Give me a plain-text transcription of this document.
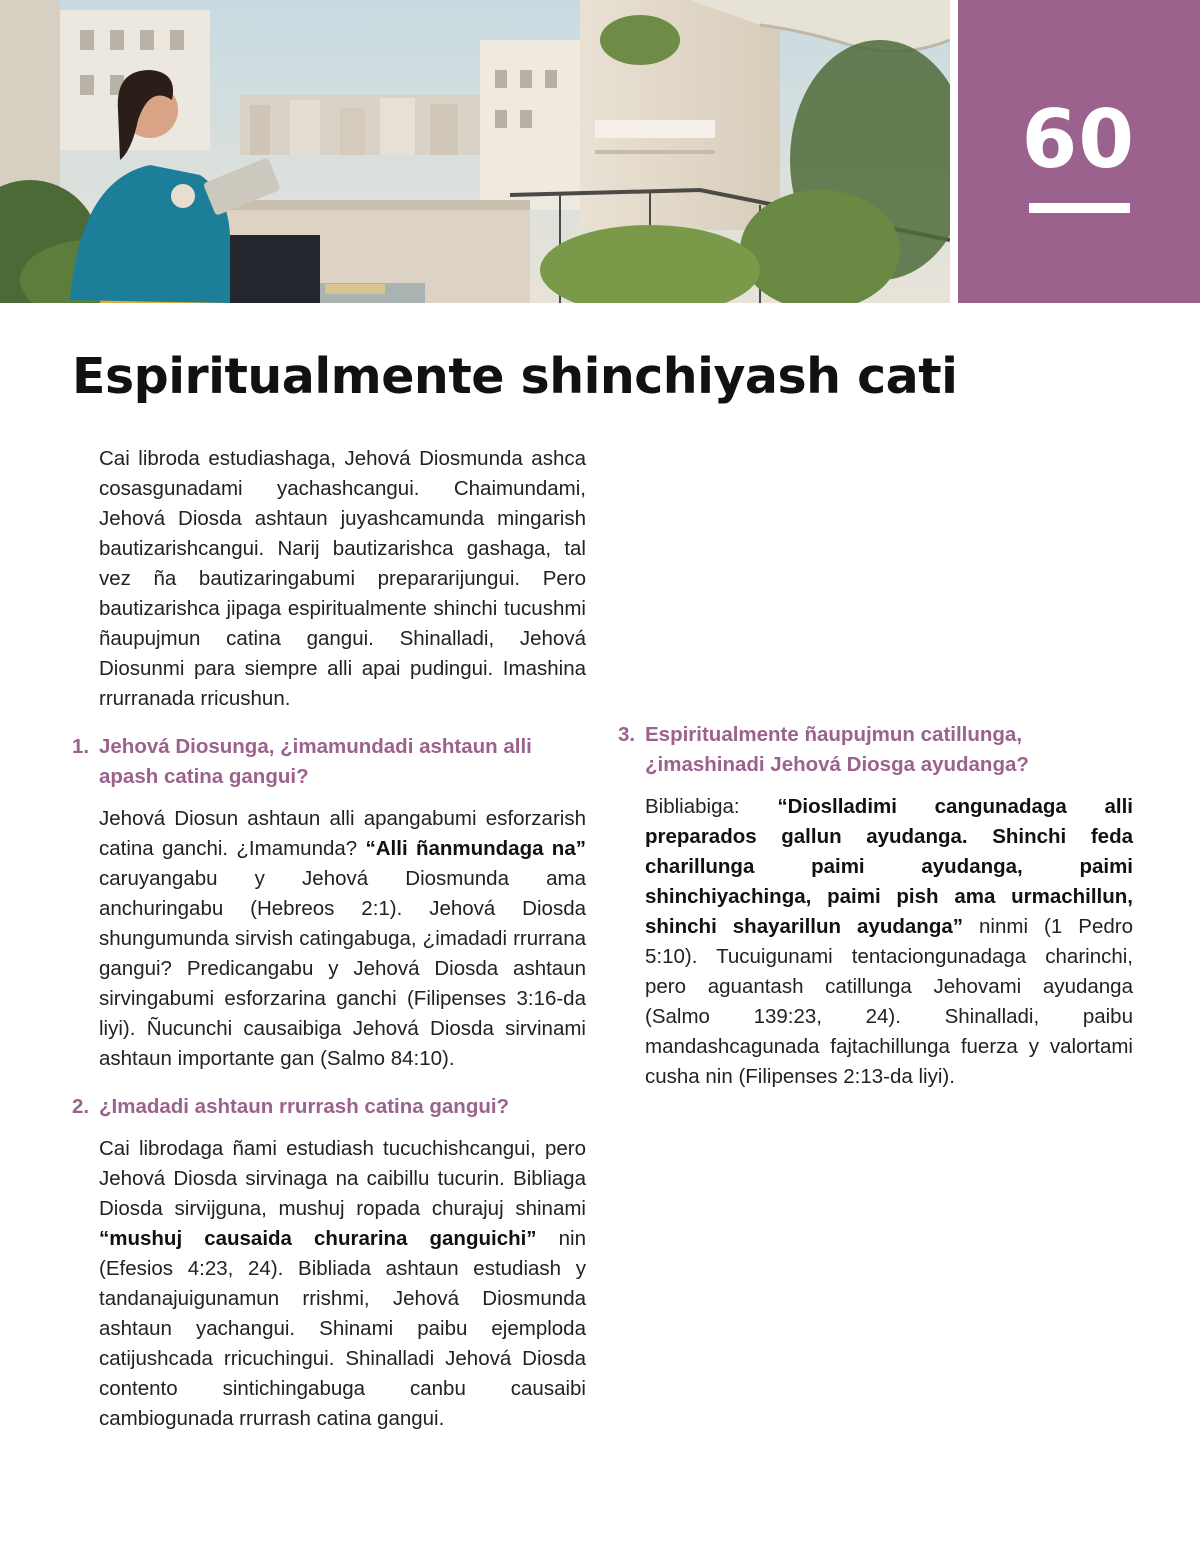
60
Espiritualmente shinchiyash cati

Cai libroda estudiashaga, Jehová Diosmunda ashca cosasgunadami yachashcangui. Chaimundami, Jehová Diosda ashtaun juyashcamunda mingarish bautizarishcangui. Narij bautizarishca gashaga, tal vez ña bautizaringabumi prepararijungui. Pero bautizarishca jipaga espiritualmente shinchi tucushmi ñaupujmun catina gangui. Shinalladi, Jehová Diosunmi para siempre alli apai pudingui. Imashina rrurranada rricushun.

1. Jehová Diosunga, ¿imamundadi ashtaun alli apash catina gangui?

Jehová Diosun ashtaun alli apangabumi esforzarish catina ganchi. ¿Imamunda? “Alli ñanmundaga na” caruyangabu y Jehová Diosmunda ama anchuringabu (Hebreos 2:1). Jehová Diosda shungumunda sirvish catingabuga, ¿imadadi rrurrana gangui? Predicangabu y Jehová Diosda ashtaun sirvingabumi esforzarina ganchi (Filipenses 3:16-da liyi). Ñucunchi causaibiga Jehová Diosda sirvinami ashtaun importante gan (Salmo 84:10).

2. ¿Imadadi ashtaun rrurrash catina gangui?

Cai librodaga ñami estudiash tucuchishcangui, pero Jehová Diosda sirvinaga na caibillu tucurin. Bibliaga Diosda sirvijguna, mushuj ropada churajuj shinami “mushuj causaida churarina ganguichi” nin (Efesios 4:23, 24). Bibliada ashtaun estudiash y tandanajuigunamun rrishmi, Jehová Diosmunda ashtaun yachangui. Shinami paibu ejemploda catijushcada rricuchingui. Shinalladi Jehová Diosda contento sintichingabuga canbu causaibi cambiogunada rrurrash catina gangui.

3. Espiritualmente ñaupujmun catillunga, ¿imashinadi Jehová Diosga ayudanga?

Bibliabiga: “Dioslladimi cangunadaga alli preparados gallun ayudanga. Shinchi feda charillunga paimi ayudanga, paimi shinchiyachinga, paimi pish ama urmachillun, shinchi shayarillun ayudanga” ninmi (1 Pedro 5:10). Tucuigunami tentaciongunadaga charinchi, pero aguantash catillunga Jehovami ayudanga (Salmo 139:23, 24). Shinalladi, paibu mandashcagunada fajtachillunga fuerza y valortami cusha nin (Filipenses 2:13-da liyi).
